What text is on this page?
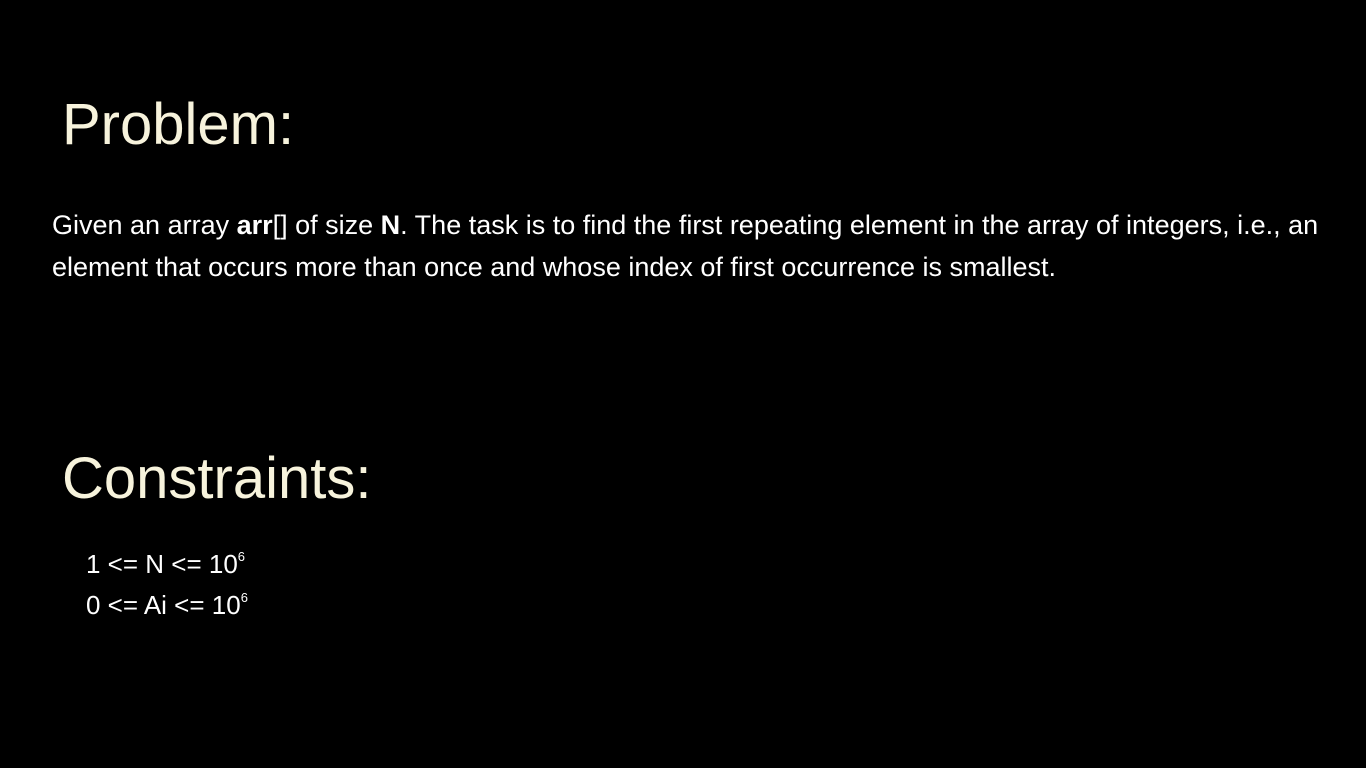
Problem:

Given an array arr[] of size N. The task is to find the first repeating element in the array of integers, i.e., an element that occurs more than once and whose index of first occurrence is smallest.

Constraints:

$1 <= N <= 10^6$

$0 <= Ai <= 10^6$
